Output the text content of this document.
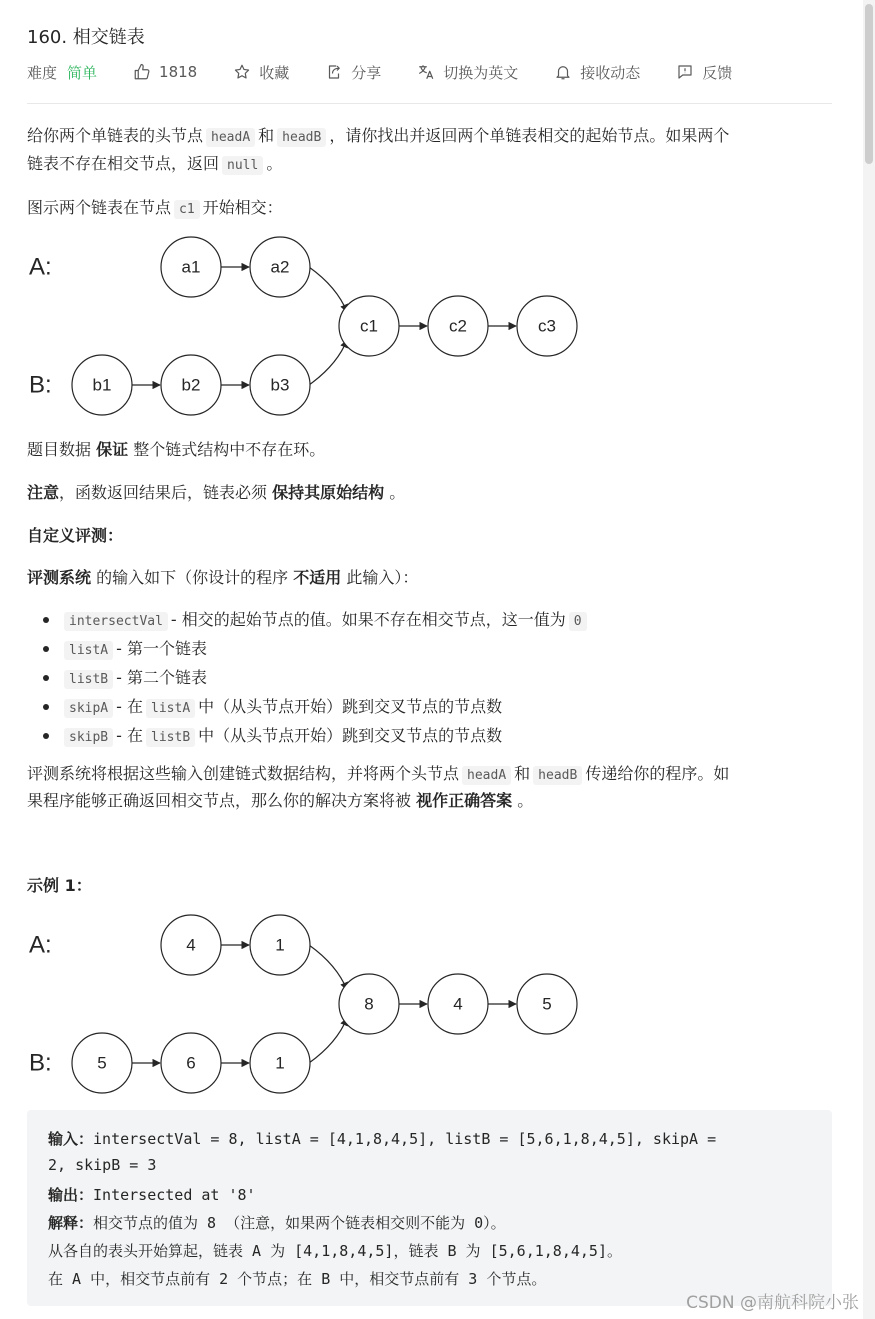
160. 相交链表
难度 简单	1818	收藏	分享	切换为英文	接收动态	反馈
给你两个单链表的头节点 headA 和 headB ，请你找出并返回两个单链表相交的起始节点。如果两个
链表不存在相交节点，返回 null 。
图示两个链表在节点 c1 开始相交：
A:
B:
a1	a2
b1	b2	b3
c1	c2	c3
题目数据 保证 整个链式结构中不存在环。
注意，函数返回结果后，链表必须 保持其原始结构 。
自定义评测：
评测系统 的输入如下（你设计的程序 不适用 此输入）：
intersectVal - 相交的起始节点的值。如果不存在相交节点，这一值为 0
listA - 第一个链表
listB - 第二个链表
skipA - 在 listA 中（从头节点开始）跳到交叉节点的节点数
skipB - 在 listB 中（从头节点开始）跳到交叉节点的节点数
评测系统将根据这些输入创建链式数据结构，并将两个头节点 headA 和 headB 传递给你的程序。如
果程序能够正确返回相交节点，那么你的解决方案将被 视作正确答案 。
示例 1：
A:
B:
4	1
5	6	1
8	4	5
输入：intersectVal = 8, listA = [4,1,8,4,5], listB = [5,6,1,8,4,5], skipA =
2, skipB = 3
输出：Intersected at '8'
解释：相交节点的值为 8 （注意，如果两个链表相交则不能为 0）。
从各自的表头开始算起，链表 A 为 [4,1,8,4,5]，链表 B 为 [5,6,1,8,4,5]。
在 A 中，相交节点前有 2 个节点；在 B 中，相交节点前有 3 个节点。
CSDN @南航科院小张
